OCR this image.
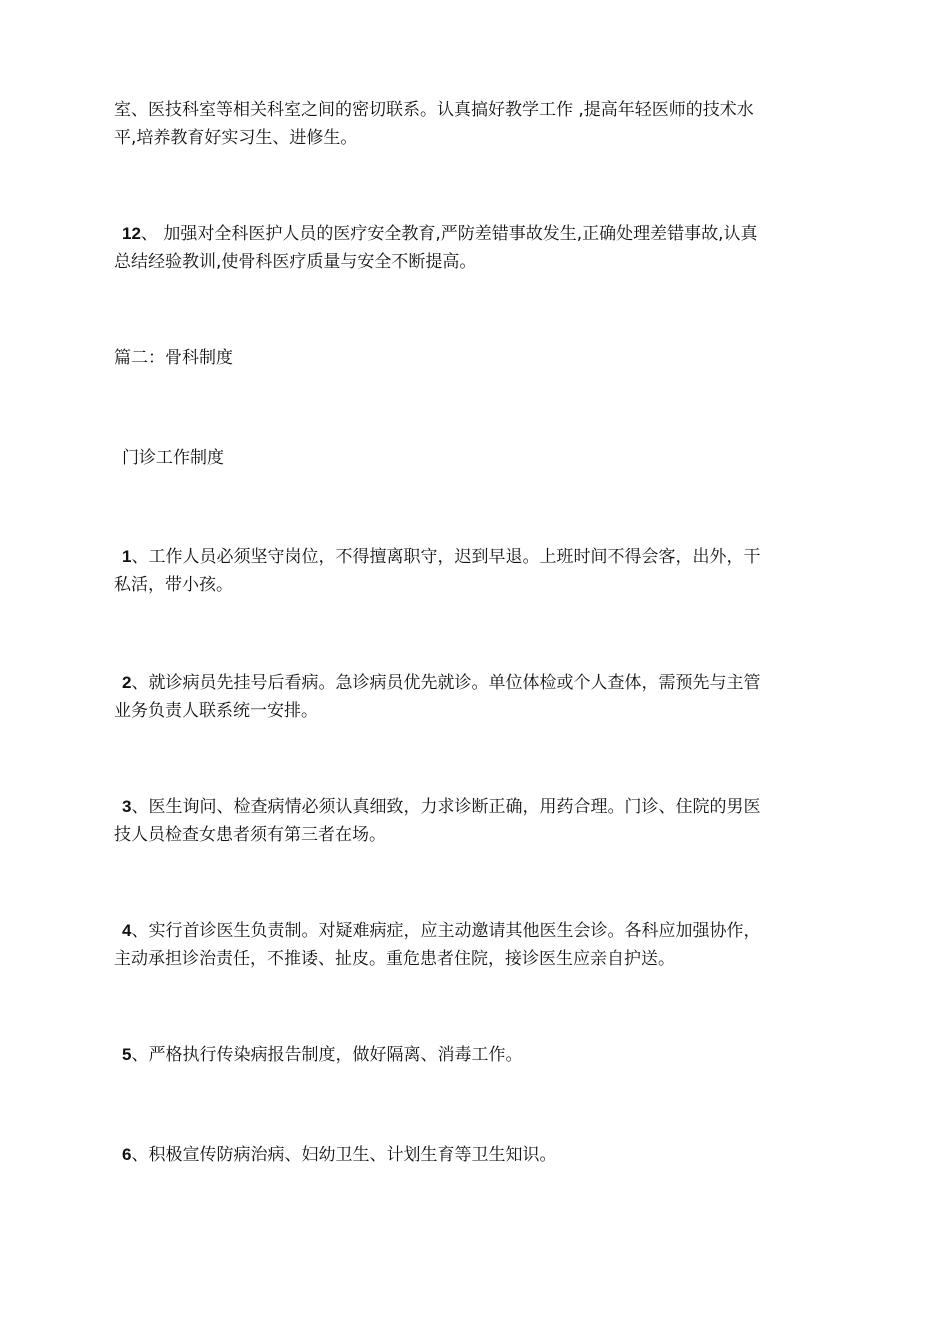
室、医技科室等相关科室之间的密切联系。认真搞好教学工作 ,提高年轻医师的技术水
平,培养教育好实习生、进修生。

12、 加强对全科医护人员的医疗安全教育,严防差错事故发生,正确处理差错事故,认真
总结经验教训,使骨科医疗质量与安全不断提高。

篇二：骨科制度

门诊工作制度

1、工作人员必须坚守岗位，不得擅离职守，迟到早退。上班时间不得会客，出外，干
私活，带小孩。

2、就诊病员先挂号后看病。急诊病员优先就诊。单位体检或个人查体，需预先与主管
业务负责人联系统一安排。

3、医生询问、检查病情必须认真细致，力求诊断正确，用药合理。门诊、住院的男医
技人员检查女患者须有第三者在场。

4、实行首诊医生负责制。对疑难病症，应主动邀请其他医生会诊。各科应加强协作，
主动承担诊治责任，不推诿、扯皮。重危患者住院，接诊医生应亲自护送。

5、严格执行传染病报告制度，做好隔离、消毒工作。

6、积极宣传防病治病、妇幼卫生、计划生育等卫生知识。
